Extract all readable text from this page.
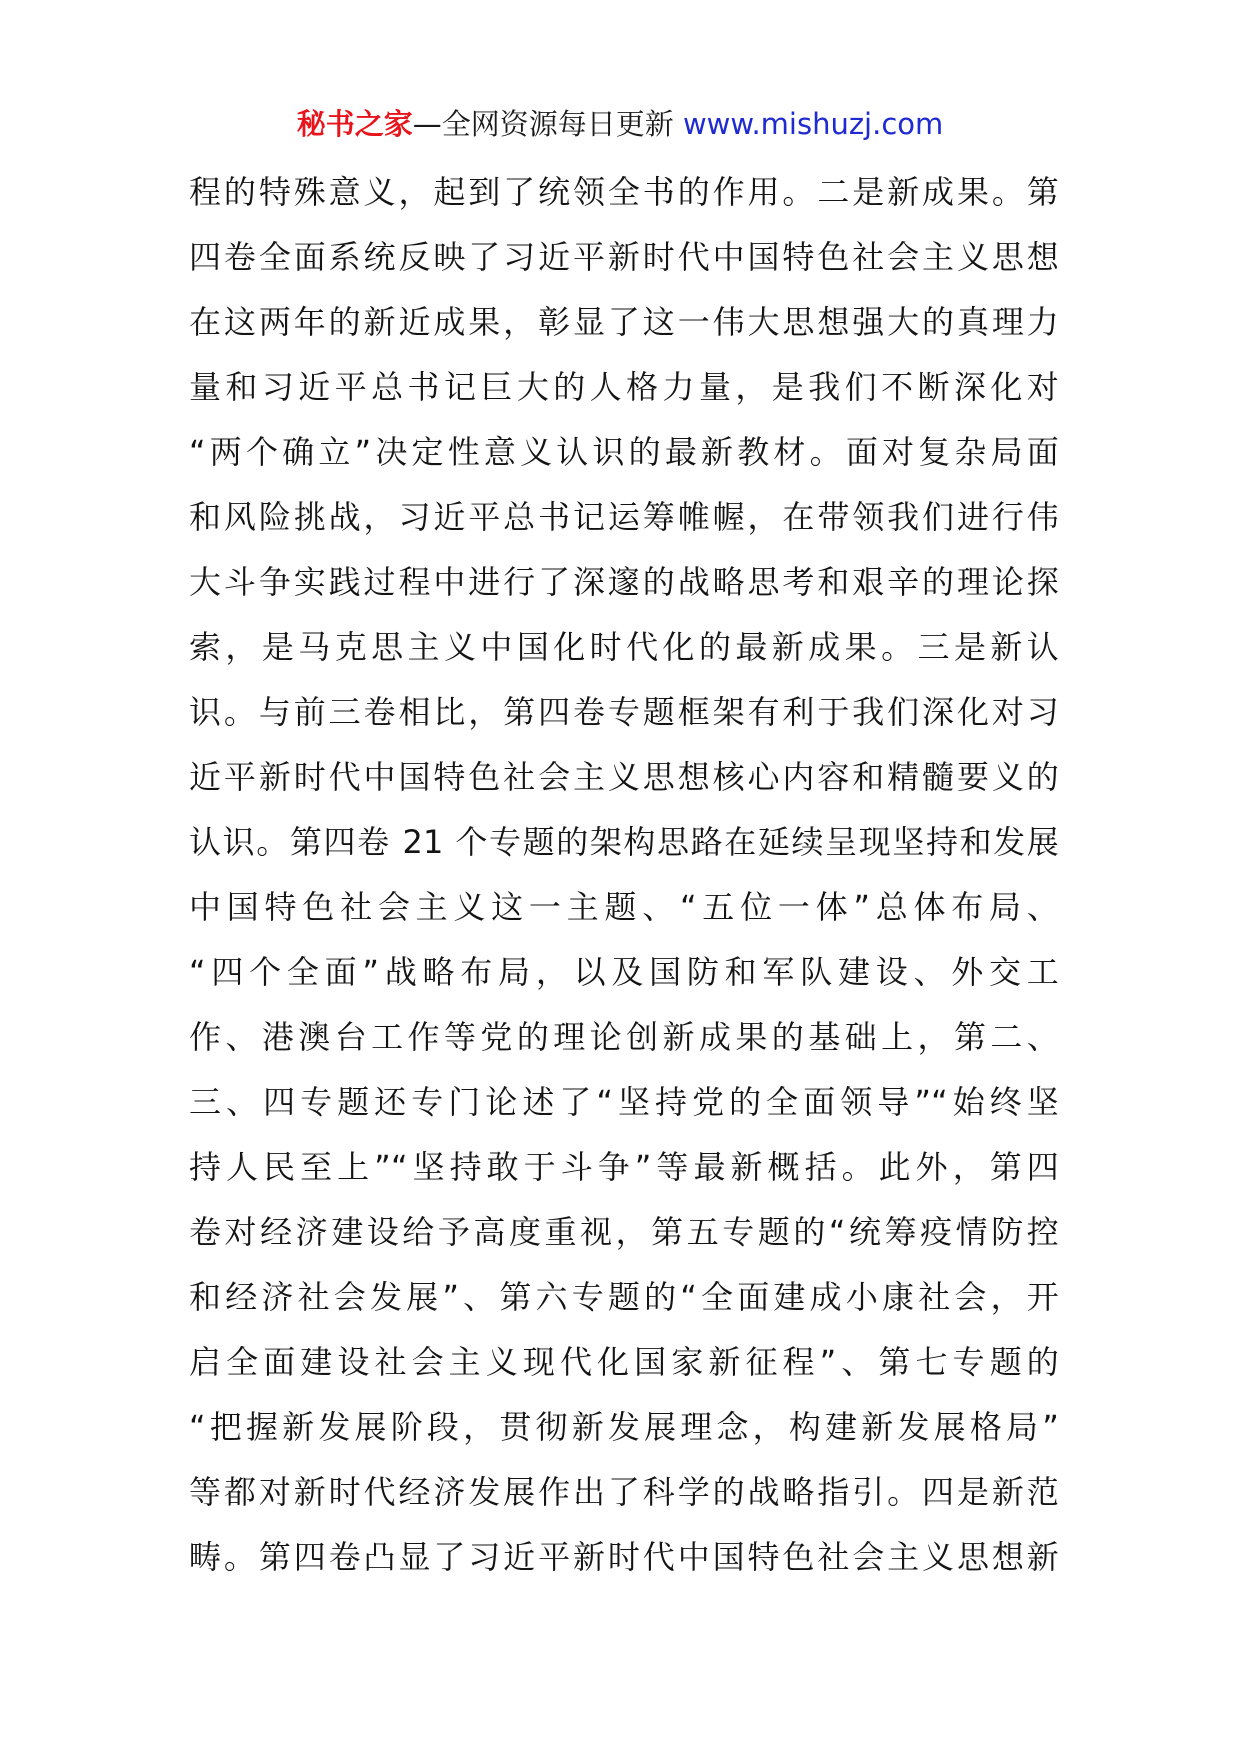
秘书之家—全网资源每日更新 www.mishuzj.com
程的特殊意义，起到了统领全书的作用。二是新成果。第
四卷全面系统反映了习近平新时代中国特色社会主义思想
在这两年的新近成果，彰显了这一伟大思想强大的真理力
量和习近平总书记巨大的人格力量，是我们不断深化对
“两个确立”决定性意义认识的最新教材。面对复杂局面
和风险挑战，习近平总书记运筹帷幄，在带领我们进行伟
大斗争实践过程中进行了深邃的战略思考和艰辛的理论探
索，是马克思主义中国化时代化的最新成果。三是新认
识。与前三卷相比，第四卷专题框架有利于我们深化对习
近平新时代中国特色社会主义思想核心内容和精髓要义的
认识。第四卷 21 个专题的架构思路在延续呈现坚持和发展
中国特色社会主义这一主题、“五位一体”总体布局、
“四个全面”战略布局，以及国防和军队建设、外交工
作、港澳台工作等党的理论创新成果的基础上，第二、
三、四专题还专门论述了“坚持党的全面领导”“始终坚
持人民至上”“坚持敢于斗争”等最新概括。此外，第四
卷对经济建设给予高度重视，第五专题的“统筹疫情防控
和经济社会发展”、第六专题的“全面建成小康社会，开
启全面建设社会主义现代化国家新征程”、第七专题的
“把握新发展阶段，贯彻新发展理念，构建新发展格局”
等都对新时代经济发展作出了科学的战略指引。四是新范
畴。第四卷凸显了习近平新时代中国特色社会主义思想新
